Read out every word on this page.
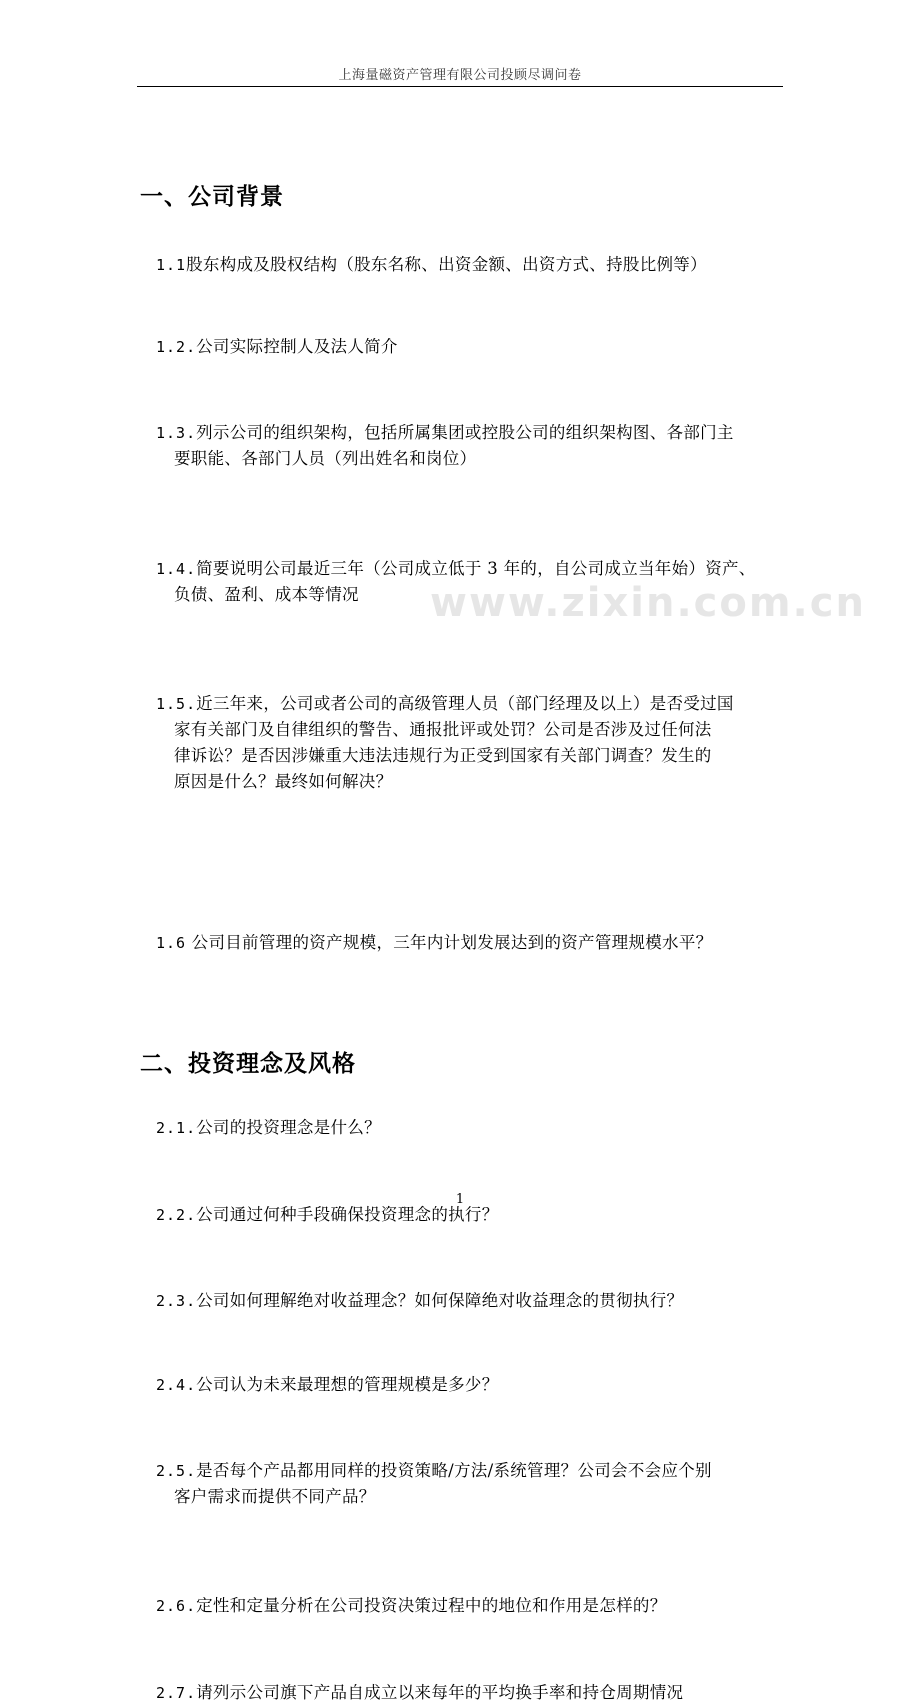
上海量磁资产管理有限公司投顾尽调问卷
www.zixin.com.cn
一、公司背景
1.1股东构成及股权结构（股东名称、出资金额、出资方式、持股比例等）
1.2.公司实际控制人及法人简介
1.3.列示公司的组织架构，包括所属集团或控股公司的组织架构图、各部门主
要职能、各部门人员（列出姓名和岗位）
1.4.简要说明公司最近三年（公司成立低于 3 年的，自公司成立当年始）资产、
负债、盈利、成本等情况
1.5.近三年来，公司或者公司的高级管理人员（部门经理及以上）是否受过国
家有关部门及自律组织的警告、通报批评或处罚？公司是否涉及过任何法
律诉讼？是否因涉嫌重大违法违规行为正受到国家有关部门调查？发生的
原因是什么？最终如何解决？
1.6 公司目前管理的资产规模，三年内计划发展达到的资产管理规模水平？
二、投资理念及风格
2.1.公司的投资理念是什么？
2.2.公司通过何种手段确保投资理念的执行？
2.3.公司如何理解绝对收益理念？如何保障绝对收益理念的贯彻执行？
2.4.公司认为未来最理想的管理规模是多少？
2.5.是否每个产品都用同样的投资策略/方法/系统管理？公司会不会应个别
客户需求而提供不同产品？
2.6.定性和定量分析在公司投资决策过程中的地位和作用是怎样的？
2.7.请列示公司旗下产品自成立以来每年的平均换手率和持仓周期情况
1
